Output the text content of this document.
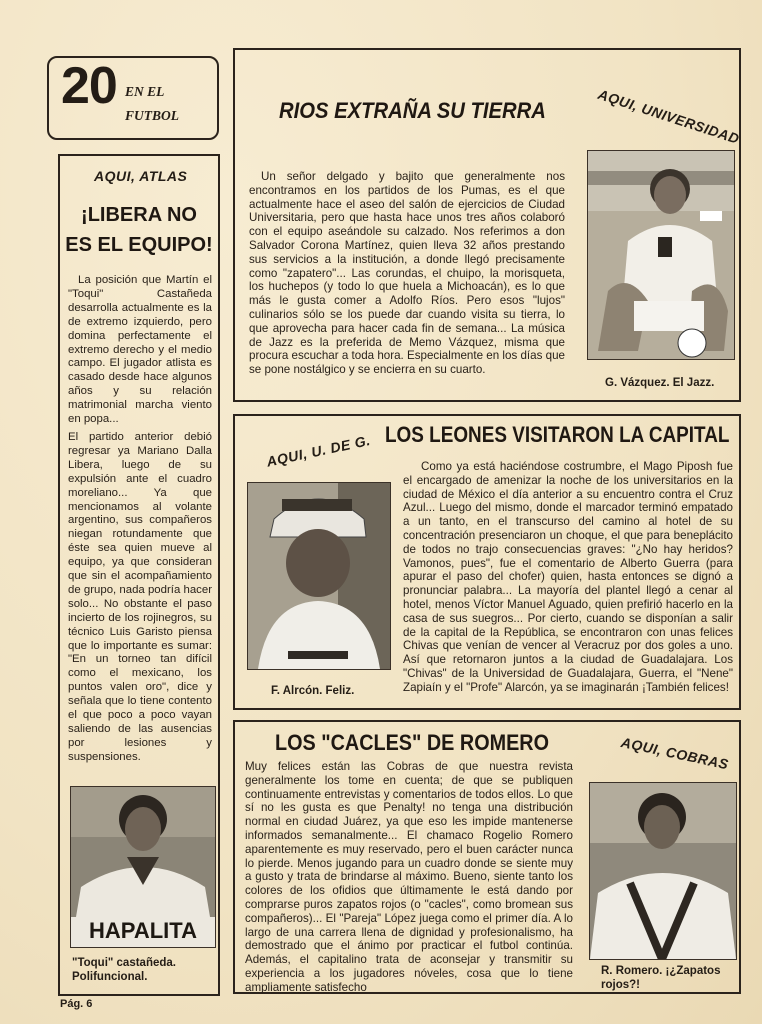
20 EN EL
FUTBOL	AQUI, UNIVERSIDAD
RIOS EXTRAÑA SU TIERRA

Un señor delgado y bajito que generalmente nos encontramos en los partidos de los Pumas, es el que actualmente hace el aseo del salón de ejercicios de Ciudad Universitaria, pero que hasta hace unos tres años colaboró con el equipo aseándole su calzado. Nos referimos a don Salvador Corona Martínez, quien lleva 32 años prestando sus servicios a la institución, a donde llegó precisamente como "zapatero"... Las corundas, el chuipo, la morisqueta, los huchepos (y todo lo que huela a Michoacán), es lo que más le gusta comer a Adolfo Ríos. Pero esos "lujos" culinarios sólo se los puede dar cuando visita su tierra, lo que aprovecha para hacer cada fin de semana... La música de Jazz es la preferida de Memo Vázquez, misma que procura escuchar a toda hora. Especialmente en los días que se pone nostálgico y se encierra en su cuarto.

G. Vázquez. El Jazz.
AQUI, ATLAS
¡LIBERA NO
ES EL EQUIPO!

La posición que Martín el "Toqui" Castañeda desarrolla actualmente es la de extremo izquierdo, pero domina perfectamente el extremo derecho y el medio campo. El jugador atlista es casado desde hace algunos años y su relación matrimonial marcha viento en popa...

El partido anterior debió regresar ya Mariano Dalla Libera, luego de su expulsión ante el cuadro moreliano... Ya que mencionamos al volante argentino, sus compañeros niegan rotundamente que éste sea quien mueve al equipo, ya que consideran que sin el acompañamiento de grupo, nada podría hacer solo... No obstante el paso incierto de los rojinegros, su técnico Luis Garisto piensa que lo importante es sumar: "En un torneo tan difícil como el mexicano, los puntos valen oro", dice y señala que lo tiene contento el que poco a poco vayan saliendo de las ausencias por lesiones y suspensiones.

HAPALITA
"Toqui" castañeda. Polifuncional.
AQUI, U. DE G. LOS LEONES VISITARON LA CAPITAL
F. Alrcón. Feliz.

Como ya está haciéndose costrumbre, el Mago Piposh fue el encargado de amenizar la noche de los universitarios en la ciudad de México el día anterior a su encuentro contra el Cruz Azul... Luego del mismo, donde el marcador terminó empatado a un tanto, en el transcurso del camino al hotel de su concentración presenciaron un choque, el que para beneplácito de todos no trajo consecuencias graves: "¿No hay heridos? Vamonos, pues", fue el comentario de Alberto Guerra (para apurar el paso del chofer) quien, hasta entonces se dignó a pronunciar palabra... La mayoría del plantel llegó a cenar al hotel, menos Víctor Manuel Aguado, quien prefirió hacerlo en la casa de sus suegros... Por cierto, cuando se disponían a salir de la capital de la República, se encontraron con unas felices Chivas que venían de vencer al Veracruz por dos goles a uno. Así que retornaron juntos a la ciudad de Guadalajara. Los "Chivas" de la Universidad de Guadalajara, Guerra, el "Nene" Zapiaín y el "Profe" Alarcón, ya se imaginarán ¡También felices!

LOS "CACLES" DE ROMERO	AQUI, COBRAS

Muy felices están las Cobras de que nuestra revista generalmente los tome en cuenta; de que se publiquen continuamente entrevistas y comentarios de todos ellos. Lo que sí no les gusta es que Penalty! no tenga una distribución normal en ciudad Juárez, ya que eso les impide mantenerse informados semanalmente... El chamaco Rogelio Romero aparentemente es muy reservado, pero el buen carácter nunca lo pierde. Menos jugando para un cuadro donde se siente muy a gusto y trata de brindarse al máximo. Bueno, siente tanto los colores de los ofidios que últimamente le está dando por comprarse puros zapatos rojos (o "cacles", como bromean sus compañeros)... El "Pareja" López juega como el primer día. A lo largo de una carrera llena de dignidad y profesionalismo, ha demostrado que el ánimo por practicar el futbol continúa. Además, el capitalino trata de aconsejar y transmitir su experiencia a los jugadores nóveles, cosa que lo tiene ampliamente satisfecho

R. Romero. ¡¿Zapatos rojos?!
Pág. 6
